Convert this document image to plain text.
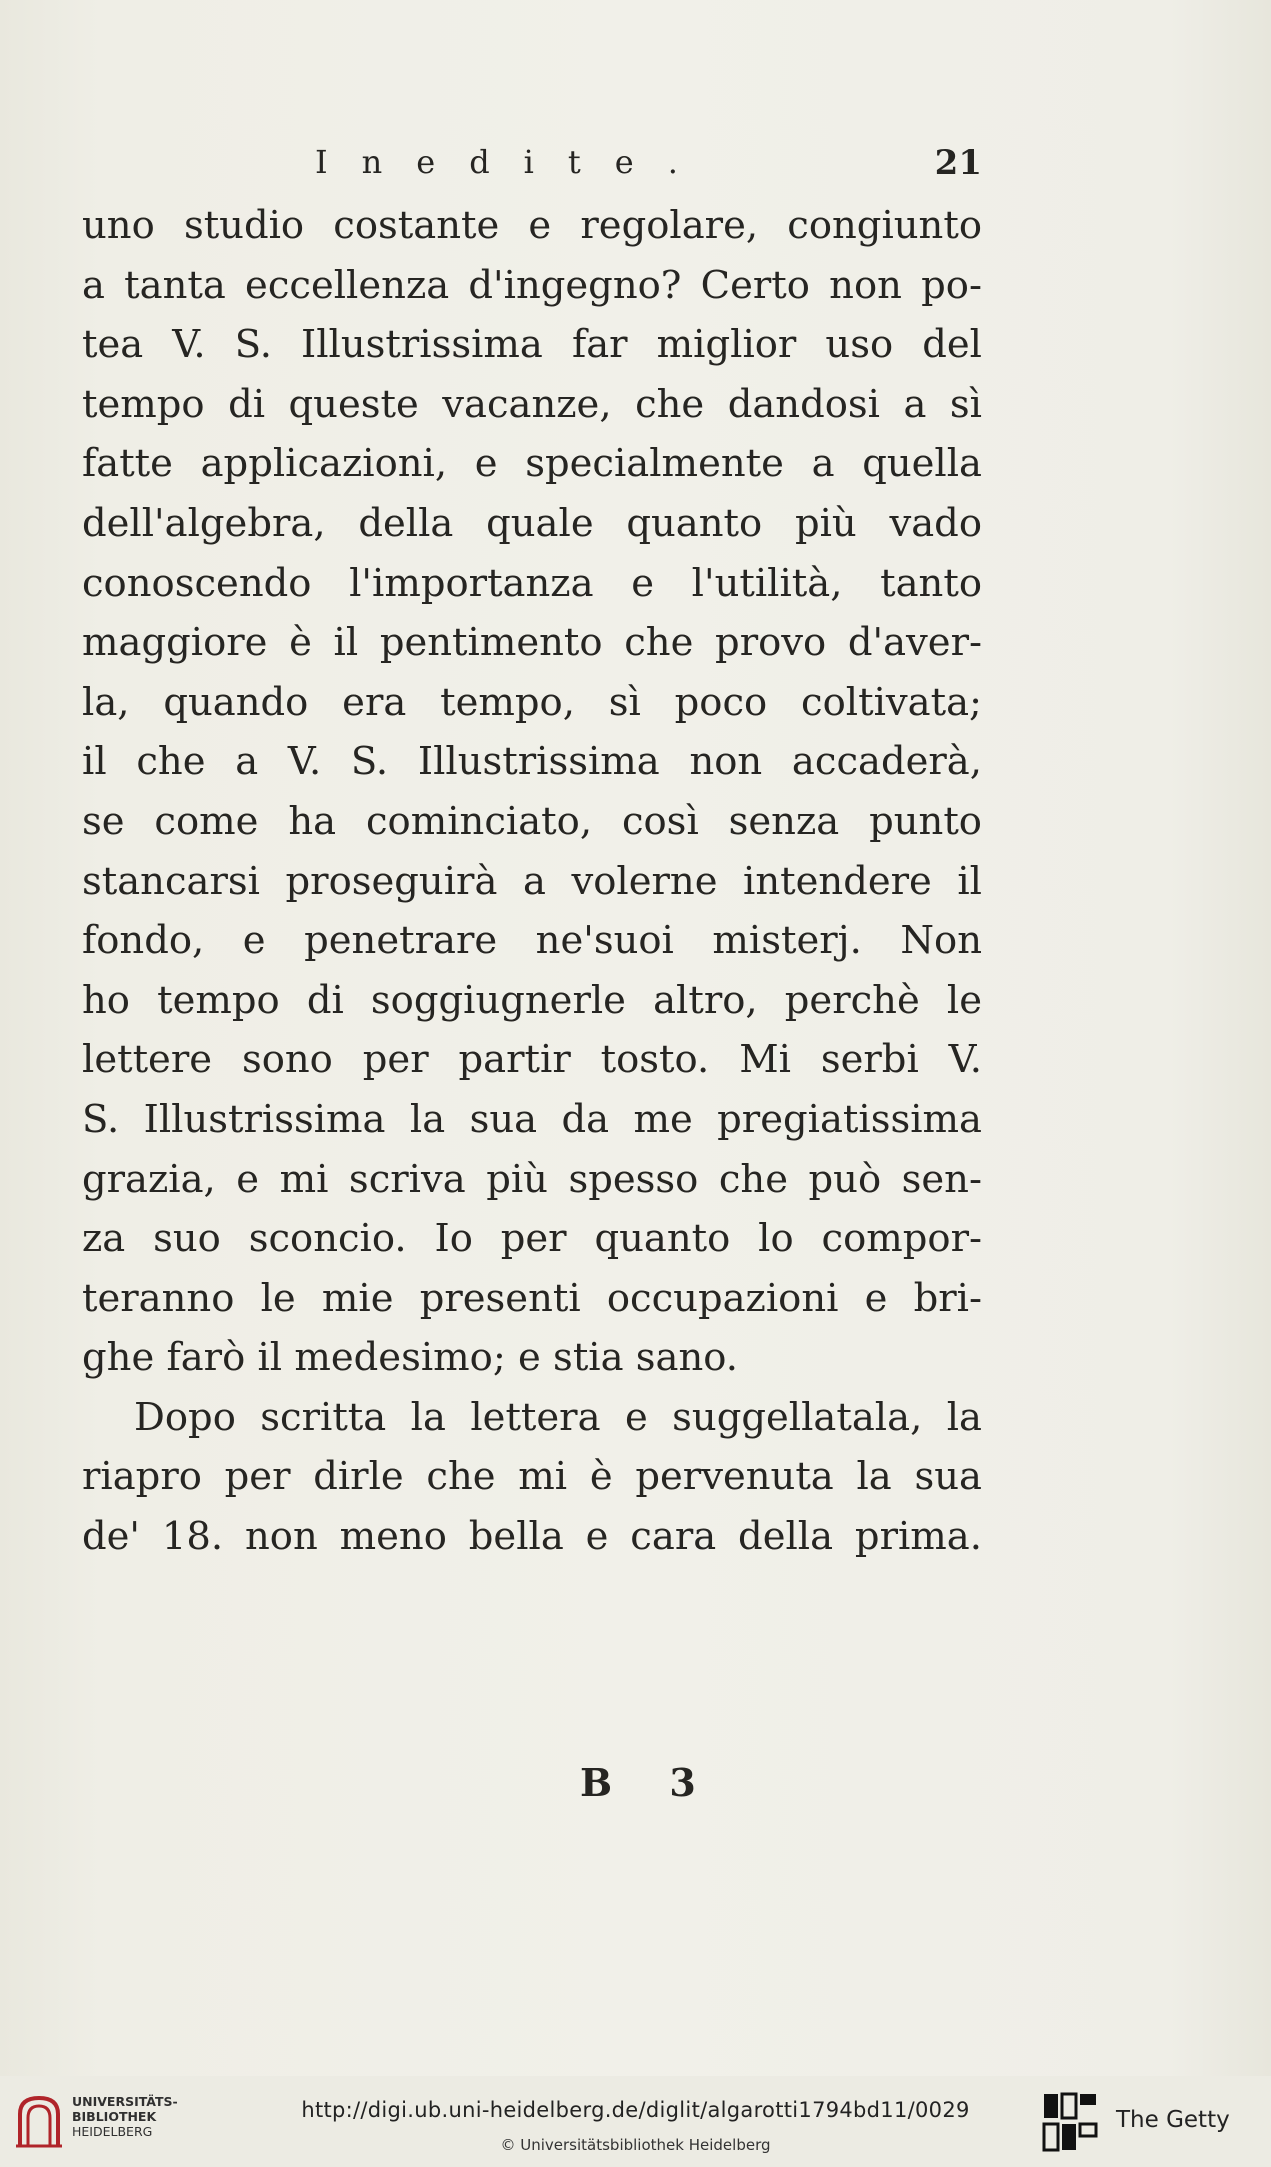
Inedite.	21
uno studio costante e regolare, congiunto
a tanta eccellenza d'ingegno? Certo non po-
tea V. S. Illustrissima far miglior uso del
tempo di queste vacanze, che dandosi a sì
fatte applicazioni, e specialmente a quella
dell'algebra, della quale quanto più vado
conoscendo l'importanza e l'utilità, tanto
maggiore è il pentimento che provo d'aver-
la, quando era tempo, sì poco coltivata;
il che a V. S. Illustrissima non accaderà,
se come ha cominciato, così senza punto
stancarsi proseguirà a volerne intendere il
fondo, e penetrare ne'suoi misterj. Non
ho tempo di soggiugnerle altro, perchè le
lettere sono per partir tosto. Mi serbi V.
S. Illustrissima la sua da me pregiatissima
grazia, e mi scriva più spesso che può sen-
za suo sconcio. Io per quanto lo compor-
teranno le mie presenti occupazioni e bri-
ghe farò il medesimo; e stia sano.
Dopo scritta la lettera e suggellatala, la
riapro per dirle che mi è pervenuta la sua
de' 18. non meno bella e cara della prima.
B 3
UNIVERSITÄTS-
BIBLIOTHEK
HEIDELBERG
http://digi.ub.uni-heidelberg.de/diglit/algarotti1794bd11/0029
© Universitätsbibliothek Heidelberg
The Getty
